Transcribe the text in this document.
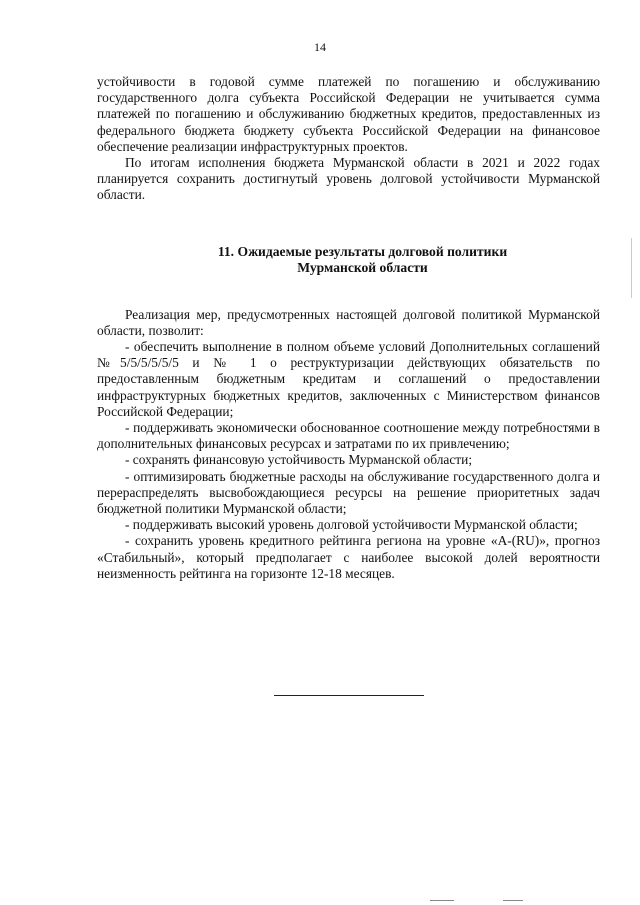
14

устойчивости в годовой сумме платежей по погашению и обслуживанию государственного долга субъекта Российской Федерации не учитывается сумма платежей по погашению и обслуживанию бюджетных кредитов, предоставленных из федерального бюджета бюджету субъекта Российской Федерации на финансовое обеспечение реализации инфраструктурных проектов.

По итогам исполнения бюджета Мурманской области в 2021 и 2022 годах планируется сохранить достигнутый уровень долговой устойчивости Мурманской области.

11. Ожидаемые результаты долговой политики
Мурманской области

Реализация мер, предусмотренных настоящей долговой политикой Мурманской области, позволит:

- обеспечить выполнение в полном объеме условий Дополнительных соглашений №5/5/5/5/5/5 и № 1 о реструктуризации действующих обязательств по предоставленным бюджетным кредитам и соглашений о предоставлении инфраструктурных бюджетных кредитов, заключенных с Министерством финансов Российской Федерации;

- поддерживать экономически обоснованное соотношение между потребностями в дополнительных финансовых ресурсах и затратами по их привлечению;

- сохранять финансовую устойчивость Мурманской области;

- оптимизировать бюджетные расходы на обслуживание государственного долга и перераспределять высвобождающиеся ресурсы на решение приоритетных задач бюджетной политики Мурманской области;

- поддерживать высокий уровень долговой устойчивости Мурманской области;

- сохранить уровень кредитного рейтинга региона на уровне «А-(RU)», прогноз «Стабильный», который предполагает с наиболее высокой долей вероятности неизменность рейтинга на горизонте 12-18 месяцев.
